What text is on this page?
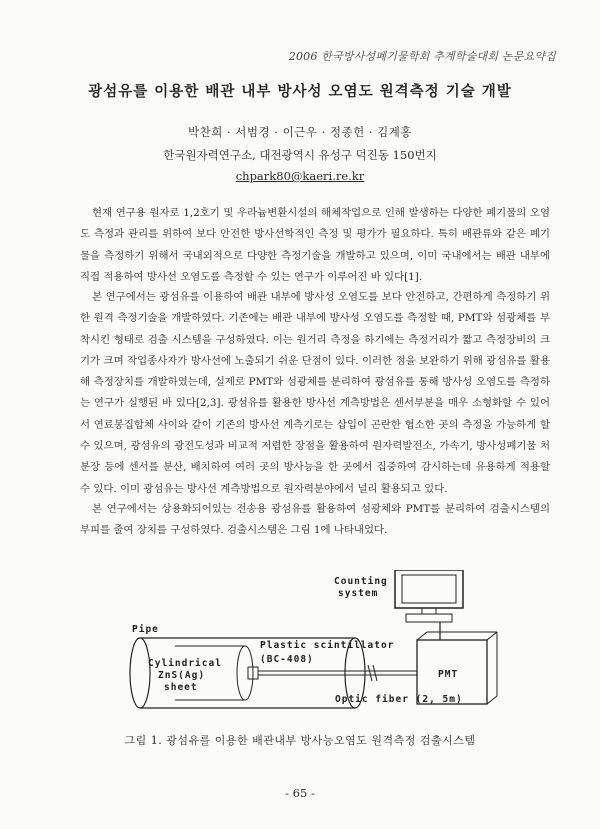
2006 한국방사성폐기물학회 추계학술대회 논문요약집
광섬유를 이용한 배관 내부 방사성 오염도 원격측정 기술 개발
박찬희 · 서범경 · 이근우 · 정종헌 · 김계홍
한국원자력연구소, 대전광역시 유성구 덕진동 150번지
chpark80@kaeri.re.kr

현재 연구용 원자로 1,2호기 및 우라늄변환시설의 해체작업으로 인해 발생하는 다양한 폐기물의 오염도 측정과 관리를 위하여 보다 안전한 방사선학적인 측정 및 평가가 필요하다. 특히 배관류와 같은 폐기물을 측정하기 위해서 국내외적으로 다양한 측정기술을 개발하고 있으며, 이미 국내에서는 배관 내부에 직접 적용하여 방사선 오염도를 측정할 수 있는 연구가 이루어진 바 있다[1].

본 연구에서는 광섬유를 이용하여 배관 내부에 방사성 오염도를 보다 안전하고, 간편하게 측정하기 위한 원격 측정기술을 개발하였다. 기존에는 배관 내부에 방사성 오염도를 측정할 때, PMT와 섬광체를 부착시킨 형태로 검출 시스템을 구성하였다. 이는 원거리 측정을 하기에는 측정거리가 짧고 측정장비의 크기가 크며 작업종사자가 방사선에 노출되기 쉬운 단점이 있다. 이러한 점을 보완하기 위해 광섬유를 활용해 측정장치를 개발하였는데, 실제로 PMT와 섬광체를 분리하여 광섬유를 통해 방사성 오염도를 측정하는 연구가 실행된 바 있다[2,3]. 광섬유를 활용한 방사선 계측방법은 센서부분을 매우 소형화할 수 있어서 연료봉집합체 사이와 같이 기존의 방사선 계측기로는 삽입이 곤란한 협소한 곳의 측정을 가능하게 할 수 있으며, 광섬유의 광전도성과 비교적 저렴한 장점을 활용하여 원자력발전소, 가속기, 방사성폐기물 처분장 등에 센서를 분산, 배치하여 여러 곳의 방사능을 한 곳에서 집중하여 감시하는데 유용하게 적용할 수 있다. 이미 광섬유는 방사선 계측방법으로 원자력분야에서 널리 활용되고 있다.

본 연구에서는 상용화되어있는 전송용 광섬유를 활용하여 섬광체와 PMT를 분리하여 검출시스템의 부피를 줄여 장치를 구성하였다. 검출시스템은 그림 1에 나타내었다.

Counting
system
Pipe
Cylindrical
ZnS(Ag)
sheet
Plastic scintillator
(BC-408)
Optic fiber (2, 5m)
PMT
그림 1. 광섬유를 이용한 배관내부 방사능오염도 원격측정 검출시스템
- 65 -
